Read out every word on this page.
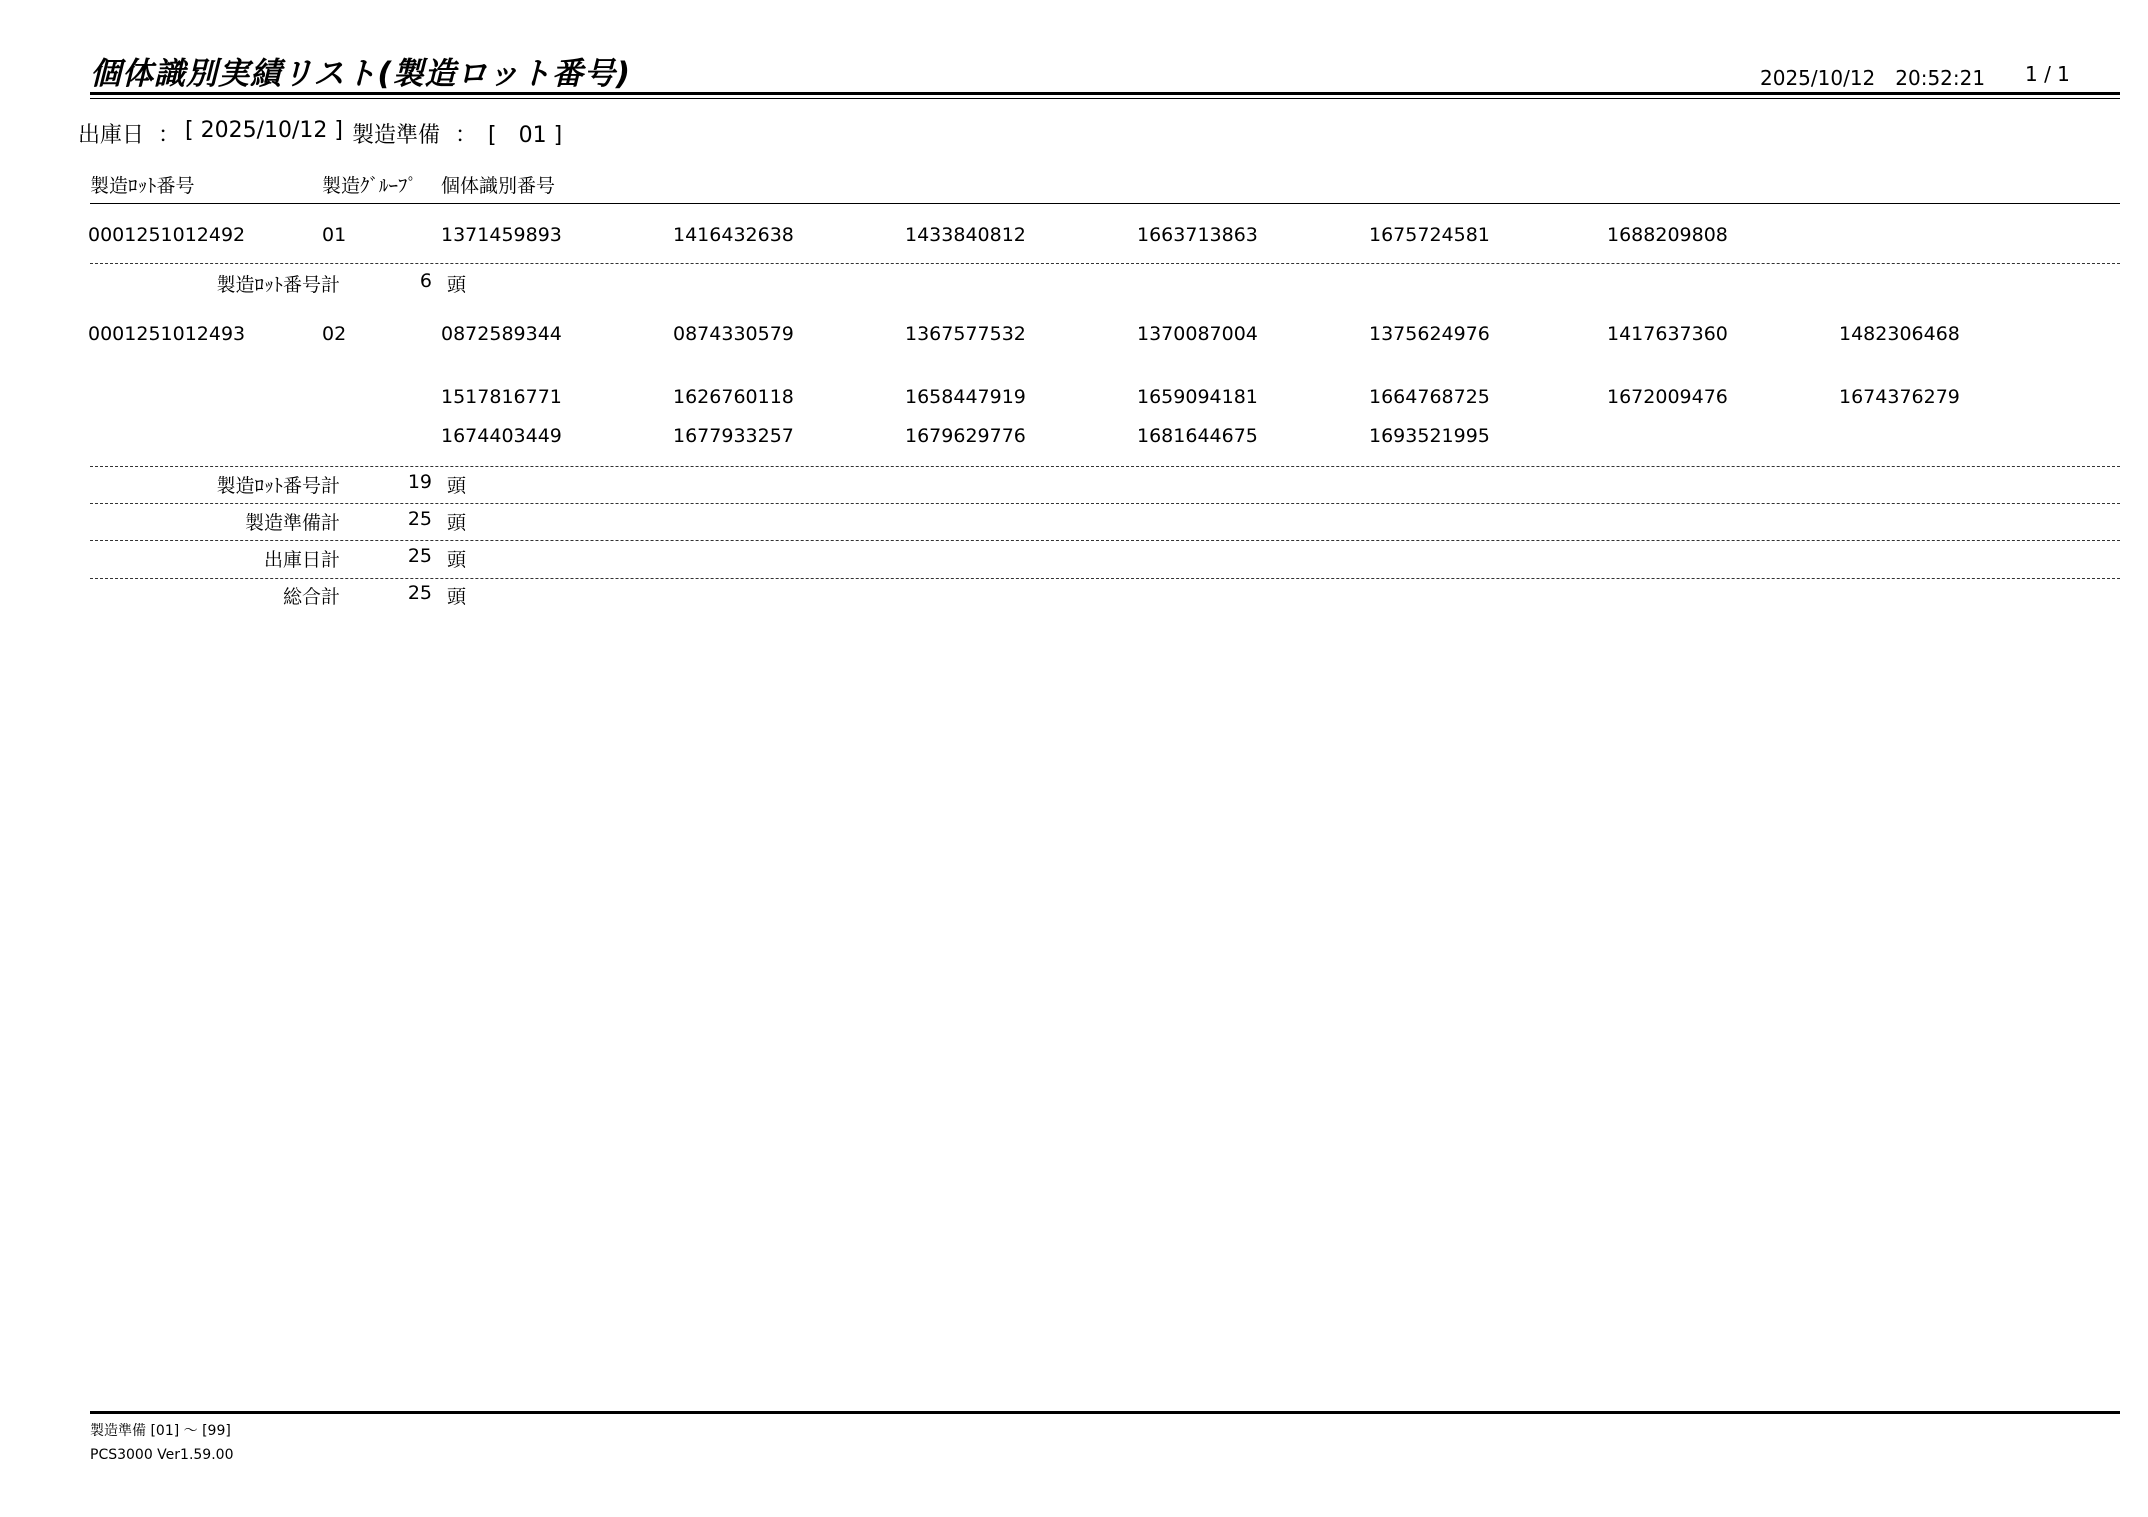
個体識別実績リスト(製造ロット番号)	2025/10/12　20:52:21 1 / 1
出庫日 ： [ 2025/10/12 ] 製造準備 ： [　01 ]
製造ﾛｯﾄ番号	製造ｸﾞﾙｰﾌﾟ 個体識別番号
0001251012492	01	1371459893	1416432638	1433840812	1663713863	1675724581	1688209808
製造ﾛｯﾄ番号計	6 頭
0001251012493	02	0872589344	0874330579	1367577532	1370087004	1375624976	1417637360	1482306468
1517816771	1626760118	1658447919	1659094181	1664768725	1672009476	1674376279
1674403449	1677933257	1679629776	1681644675	1693521995
製造ﾛｯﾄ番号計	19 頭
製造準備計	25 頭
出庫日計	25 頭
総合計	25 頭
製造準備 [01] ～ [99]
PCS3000 Ver1.59.00
